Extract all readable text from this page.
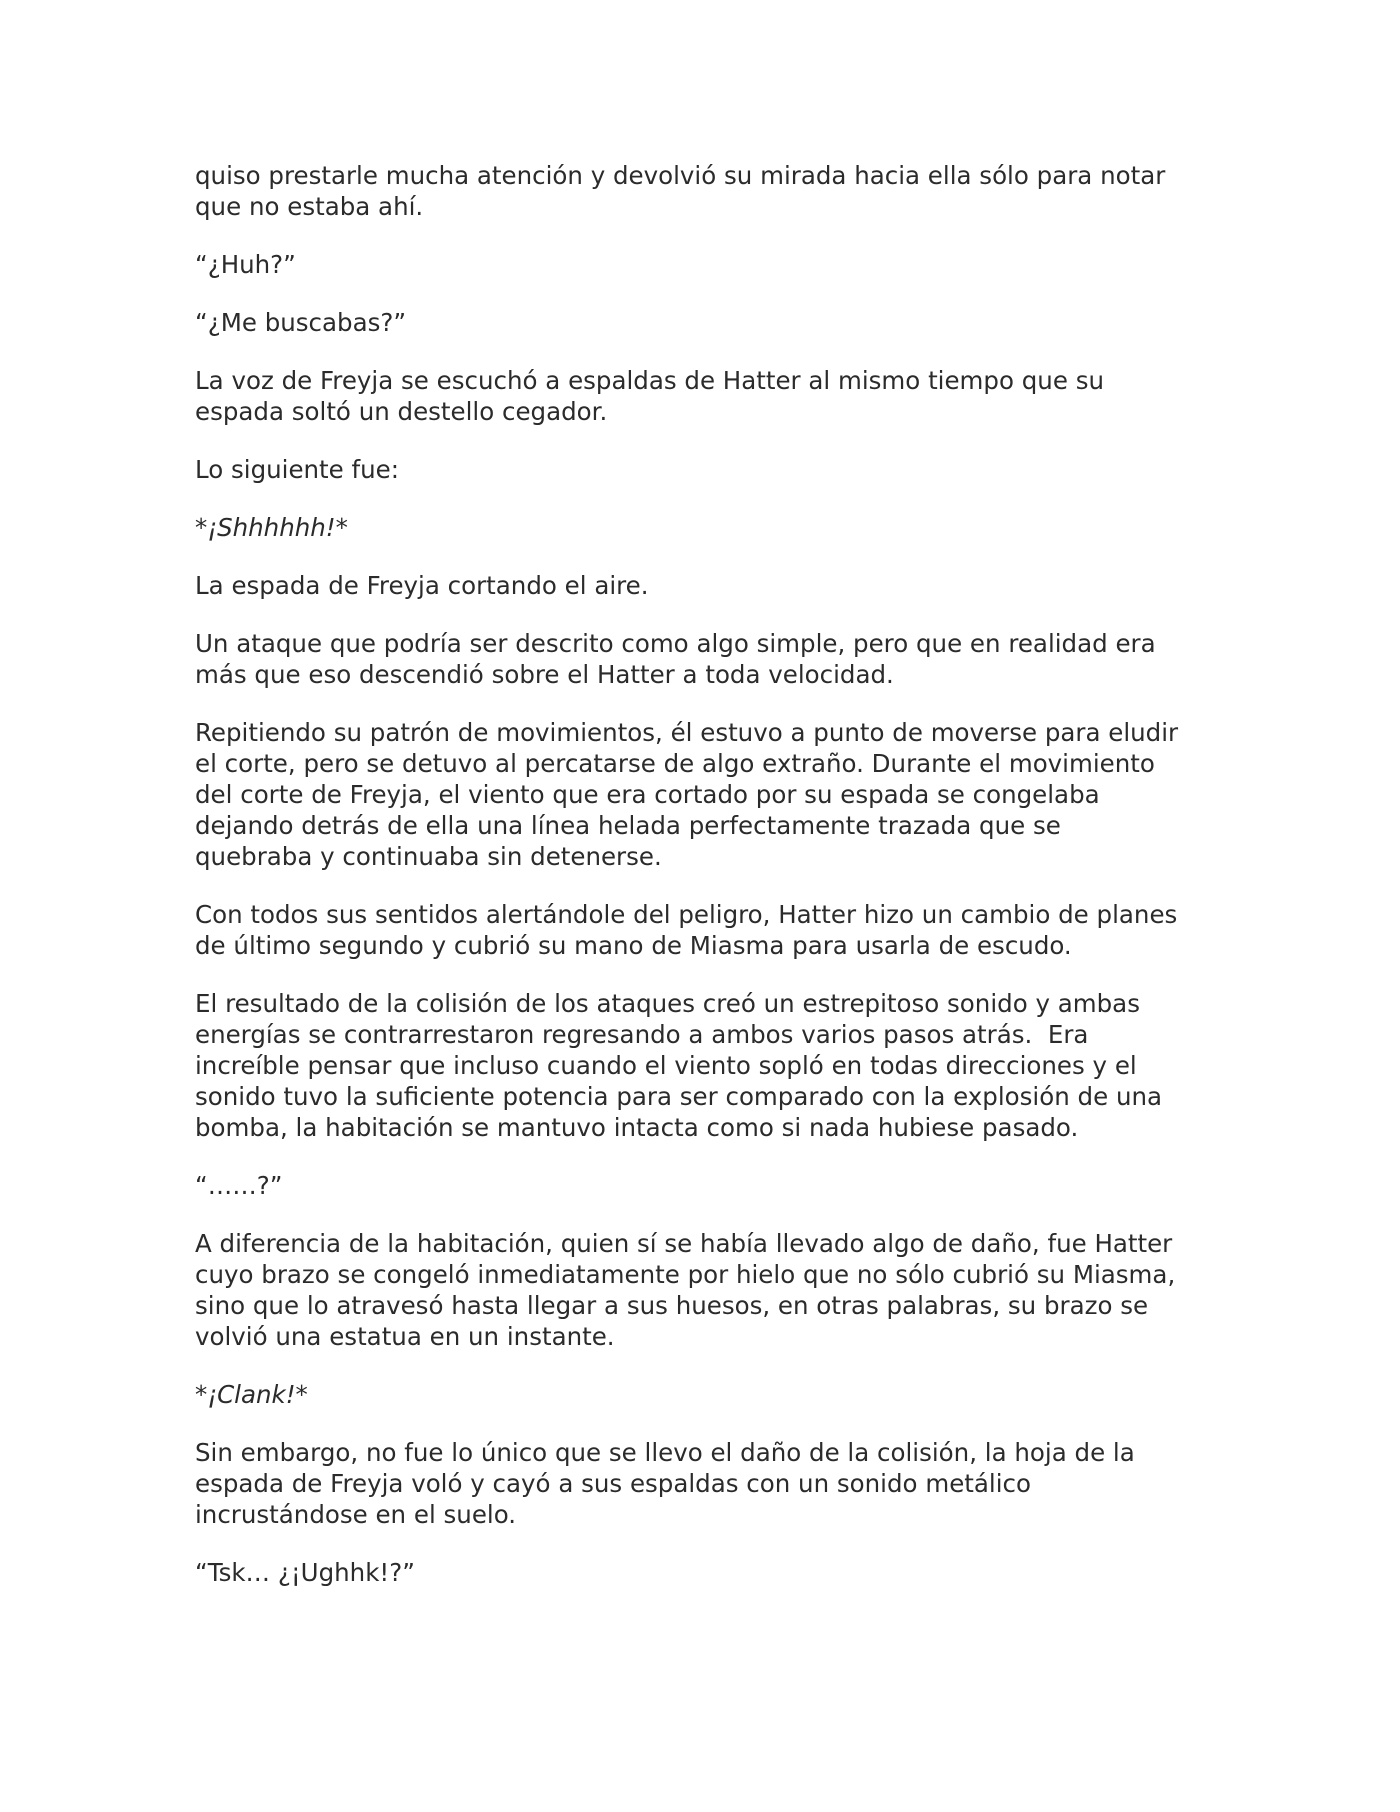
quiso prestarle mucha atención y devolvió su mirada hacia ella sólo para notar
que no estaba ahí.

“¿Huh?”

“¿Me buscabas?”

La voz de Freyja se escuchó a espaldas de Hatter al mismo tiempo que su
espada soltó un destello cegador.

Lo siguiente fue:

*¡Shhhhhh!*

La espada de Freyja cortando el aire.

Un ataque que podría ser descrito como algo simple, pero que en realidad era
más que eso descendió sobre el Hatter a toda velocidad.

Repitiendo su patrón de movimientos, él estuvo a punto de moverse para eludir
el corte, pero se detuvo al percatarse de algo extraño. Durante el movimiento
del corte de Freyja, el viento que era cortado por su espada se congelaba
dejando detrás de ella una línea helada perfectamente trazada que se
quebraba y continuaba sin detenerse.

Con todos sus sentidos alertándole del peligro, Hatter hizo un cambio de planes
de último segundo y cubrió su mano de Miasma para usarla de escudo.

El resultado de la colisión de los ataques creó un estrepitoso sonido y ambas
energías se contrarrestaron regresando a ambos varios pasos atrás.  Era
increíble pensar que incluso cuando el viento sopló en todas direcciones y el
sonido tuvo la suficiente potencia para ser comparado con la explosión de una
bomba, la habitación se mantuvo intacta como si nada hubiese pasado.

“……?”

A diferencia de la habitación, quien sí se había llevado algo de daño, fue Hatter
cuyo brazo se congeló inmediatamente por hielo que no sólo cubrió su Miasma,
sino que lo atravesó hasta llegar a sus huesos, en otras palabras, su brazo se
volvió una estatua en un instante.

*¡Clank!*

Sin embargo, no fue lo único que se llevo el daño de la colisión, la hoja de la
espada de Freyja voló y cayó a sus espaldas con un sonido metálico
incrustándose en el suelo.

“Tsk… ¿¡Ughhk!?”
